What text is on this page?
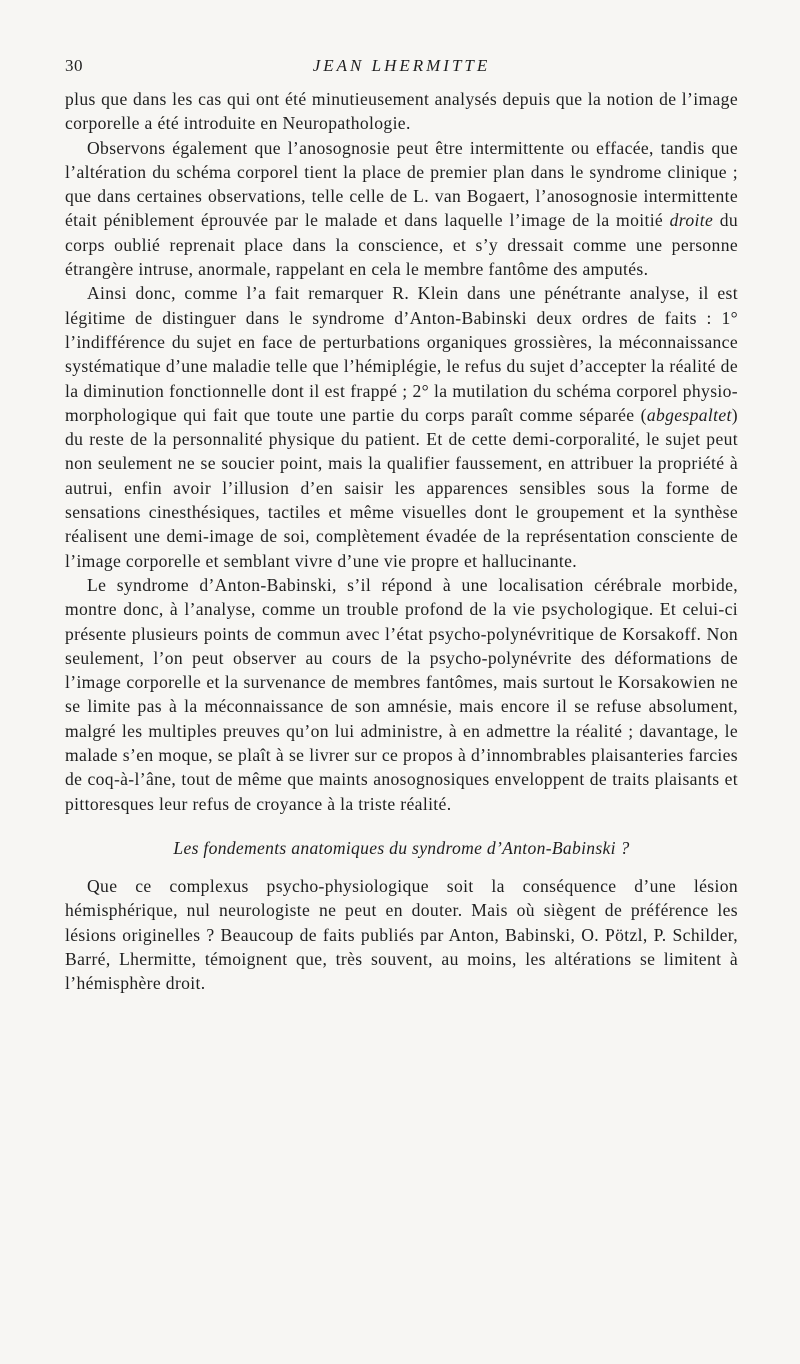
30	JEAN LHERMITTE

plus que dans les cas qui ont été minutieusement analysés depuis que la notion de l’image corporelle a été introduite en Neuropathologie.

Observons également que l’anosognosie peut être intermittente ou effacée, tandis que l’altération du schéma corporel tient la place de premier plan dans le syndrome clinique ; que dans certaines observations, telle celle de L. van Bogaert, l’anosognosie intermittente était péniblement éprouvée par le malade et dans laquelle l’image de la moitié droite du corps oublié reprenait place dans la conscience, et s’y dressait comme une personne étrangère intruse, anormale, rappelant en cela le membre fantôme des amputés.

Ainsi donc, comme l’a fait remarquer R. Klein dans une pénétrante analyse, il est légitime de distinguer dans le syndrome d’Anton-Babinski deux ordres de faits : 1° l’indifférence du sujet en face de perturbations organiques grossières, la méconnaissance systématique d’une maladie telle que l’hémiplégie, le refus du sujet d’accepter la réalité de la diminution fonctionnelle dont il est frappé ; 2° la mutilation du schéma corporel physio-morphologique qui fait que toute une partie du corps paraît comme séparée (abgespaltet) du reste de la personnalité physique du patient. Et de cette demi-corporalité, le sujet peut non seulement ne se soucier point, mais la qualifier faussement, en attribuer la propriété à autrui, enfin avoir l’illusion d’en saisir les apparences sensibles sous la forme de sensations cinesthésiques, tactiles et même visuelles dont le groupement et la synthèse réalisent une demi-image de soi, complètement évadée de la représentation consciente de l’image corporelle et semblant vivre d’une vie propre et hallucinante.

Le syndrome d’Anton-Babinski, s’il répond à une localisation cérébrale morbide, montre donc, à l’analyse, comme un trouble profond de la vie psychologique. Et celui-ci présente plusieurs points de commun avec l’état psycho-polynévritique de Korsakoff. Non seulement, l’on peut observer au cours de la psycho-polynévrite des déformations de l’image corporelle et la survenance de membres fantômes, mais surtout le Korsakowien ne se limite pas à la méconnaissance de son amnésie, mais encore il se refuse absolument, malgré les multiples preuves qu’on lui administre, à en admettre la réalité ; davantage, le malade s’en moque, se plaît à se livrer sur ce propos à d’innombrables plaisanteries farcies de coq-à-l’âne, tout de même que maints anosognosiques enveloppent de traits plaisants et pittoresques leur refus de croyance à la triste réalité.

Les fondements anatomiques du syndrome d’Anton-Babinski ?

Que ce complexus psycho-physiologique soit la conséquence d’une lésion hémisphérique, nul neurologiste ne peut en douter. Mais où siègent de préférence les lésions originelles ? Beaucoup de faits publiés par Anton, Babinski, O. Pötzl, P. Schilder, Barré, Lhermitte, témoignent que, très souvent, au moins, les altérations se limitent à l’hémisphère droit.
